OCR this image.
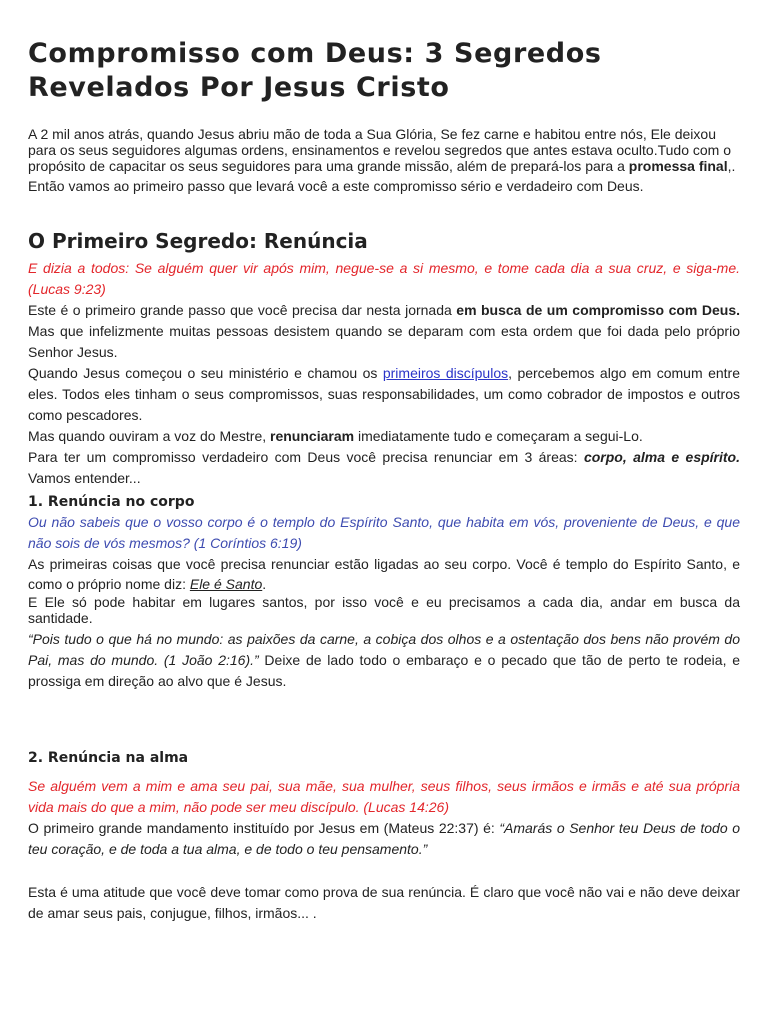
Compromisso com Deus: 3 Segredos Revelados Por Jesus Cristo

A 2 mil anos atrás, quando Jesus abriu mão de toda a Sua Glória, Se fez carne e habitou entre nós, Ele deixou para os seus seguidores algumas ordens, ensinamentos e revelou segredos que antes estava oculto.Tudo com o propósito de capacitar os seus seguidores para uma grande missão, além de prepará-los para a promessa final,.

Então vamos ao primeiro passo que levará você a este compromisso sério e verdadeiro com Deus.

O Primeiro Segredo: Renúncia

E dizia a todos: Se alguém quer vir após mim, negue-se a si mesmo, e tome cada dia a sua cruz, e siga-me. (Lucas 9:23)

Este é o primeiro grande passo que você precisa dar nesta jornada em busca de um compromisso com Deus. Mas que infelizmente muitas pessoas desistem quando se deparam com esta ordem que foi dada pelo próprio Senhor Jesus.

Quando Jesus começou o seu ministério e chamou os primeiros discípulos, percebemos algo em comum entre eles. Todos eles tinham o seus compromissos, suas responsabilidades, um como cobrador de impostos e outros como pescadores.

Mas quando ouviram a voz do Mestre, renunciaram imediatamente tudo e começaram a segui-Lo.

Para ter um compromisso verdadeiro com Deus você precisa renunciar em 3 áreas: corpo, alma e espírito. Vamos entender...

1. Renúncia no corpo

Ou não sabeis que o vosso corpo é o templo do Espírito Santo, que habita em vós, proveniente de Deus, e que não sois de vós mesmos? (1 Coríntios 6:19)

As primeiras coisas que você precisa renunciar estão ligadas ao seu corpo. Você é templo do Espírito Santo, e como o próprio nome diz: Ele é Santo.

E Ele só pode habitar em lugares santos, por isso você e eu precisamos a cada dia, andar em busca da santidade.

“Pois tudo o que há no mundo: as paixões da carne, a cobiça dos olhos e a ostentação dos bens não provém do Pai, mas do mundo. (1 João 2:16).” Deixe de lado todo o embaraço e o pecado que tão de perto te rodeia, e prossiga em direção ao alvo que é Jesus.

2. Renúncia na alma

Se alguém vem a mim e ama seu pai, sua mãe, sua mulher, seus filhos, seus irmãos e irmãs e até sua própria vida mais do que a mim, não pode ser meu discípulo. (Lucas 14:26)

O primeiro grande mandamento instituído por Jesus em (Mateus 22:37) é: “Amarás o Senhor teu Deus de todo o teu coração, e de toda a tua alma, e de todo o teu pensamento.”

Esta é uma atitude que você deve tomar como prova de sua renúncia. É claro que você não vai e não deve deixar de amar seus pais, conjugue, filhos, irmãos... .
